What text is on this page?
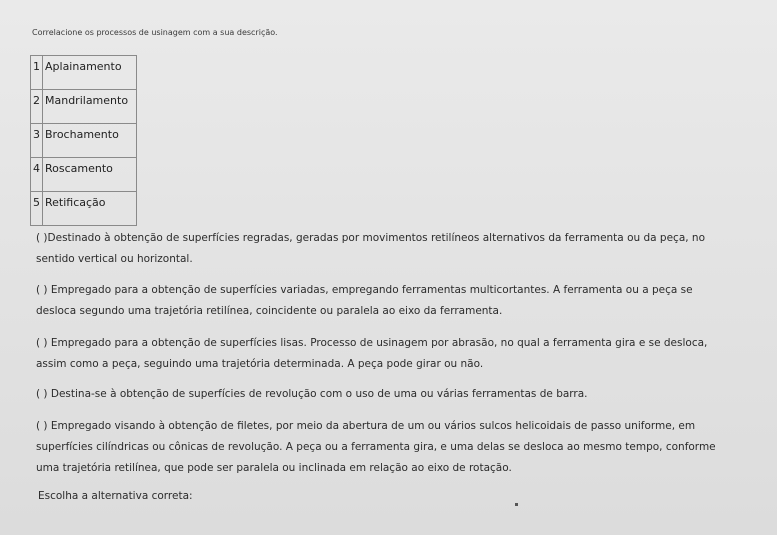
Correlacione os processos de usinagem com a sua descrição.
1	Aplainamento
2	Mandrilamento
3	Brochamento
4	Roscamento
5	Retificação
( )Destinado à obtenção de superfícies regradas, geradas por movimentos retilíneos alternativos da ferramenta ou da peça, no
sentido vertical ou horizontal.
( ) Empregado para a obtenção de superfícies variadas, empregando ferramentas multicortantes. A ferramenta ou a peça se
desloca segundo uma trajetória retilínea, coincidente ou paralela ao eixo da ferramenta.
( ) Empregado para a obtenção de superfícies lisas. Processo de usinagem por abrasão, no qual a ferramenta gira e se desloca,
assim como a peça, seguindo uma trajetória determinada. A peça pode girar ou não.
( ) Destina-se à obtenção de superfícies de revolução com o uso de uma ou várias ferramentas de barra.
( ) Empregado visando à obtenção de filetes, por meio da abertura de um ou vários sulcos helicoidais de passo uniforme, em
superfícies cilíndricas ou cônicas de revolução. A peça ou a ferramenta gira, e uma delas se desloca ao mesmo tempo, conforme
uma trajetória retilínea, que pode ser paralela ou inclinada em relação ao eixo de rotação.
Escolha a alternativa correta:
